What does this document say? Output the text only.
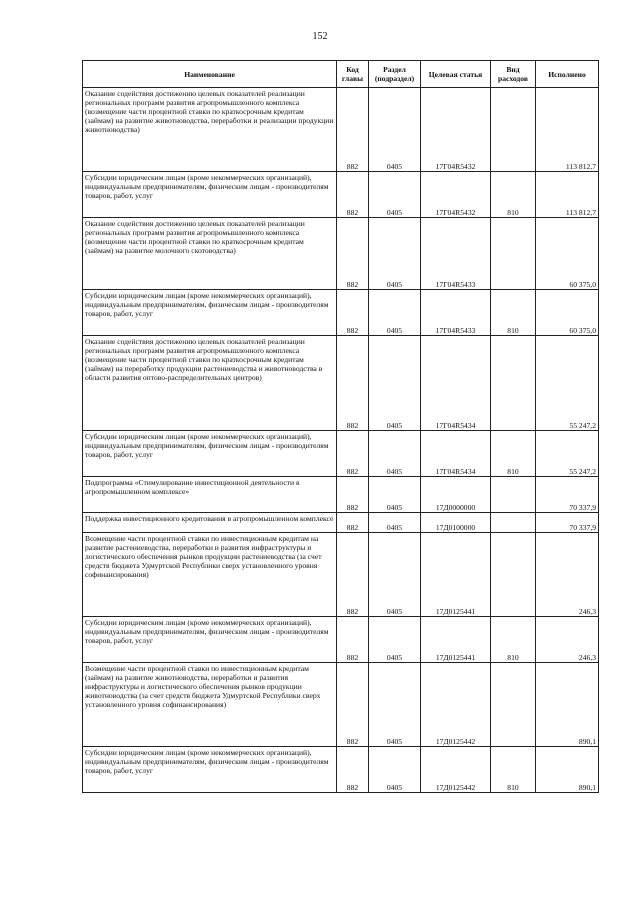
152
Наименование	Код главы	Раздел (подраздел)	Целевая статья	Вид расходов	Исполнено
Оказание содействия достижению целевых показателей реализации региональных программ развития агропромышленного комплекса (возмещение части процентной ставки по краткосрочным кредитам (займам) на развитие животноводства, переработки и реализации продукции животноводства)	882	0405	17Г04R5432		113 812,7
Субсидии юридическим лицам (кроме некоммерческих организаций), индивидуальным предпринимателям, физическим лицам - производителям товаров, работ, услуг	882	0405	17Г04R5432	810	113 812,7
Оказание содействия достижению целевых показателей реализации региональных программ развития агропромышленного комплекса (возмещение части процентной ставки по краткосрочным кредитам (займам) на развитие молочного скотоводства)	882	0405	17Г04R5433		60 375,0
Субсидии юридическим лицам (кроме некоммерческих организаций), индивидуальным предпринимателям, физическим лицам - производителям товаров, работ, услуг	882	0405	17Г04R5433	810	60 375,0
Оказание содействия достижению целевых показателей реализации региональных программ развития агропромышленного комплекса (возмещение части процентной ставки по краткосрочным кредитам (займам) на переработку продукции растениеводства и животноводства в области развития оптово-распределительных центров)	882	0405	17Г04R5434		55 247,2
Субсидии юридическим лицам (кроме некоммерческих организаций), индивидуальным предпринимателям, физическим лицам - производителям товаров, работ, услуг	882	0405	17Г04R5434	810	55 247,2
Подпрограмма «Стимулирование инвестиционной деятельности в агропромышленном комплексе»	882	0405	17Д0000000		70 337,9
Поддержка инвестиционного кредитования в агропромышленном комплексе	882	0405	17Д0100000		70 337,9
Возмещение части процентной ставки по инвестиционным кредитам на развитие растениеводства, переработки и развития инфраструктуры и логистического обеспечения рынков продукции растениеводства (за счет средств бюджета Удмуртской Республики сверх установленного уровня софинансирования)	882	0405	17Д0125441		246,3
Субсидии юридическим лицам (кроме некоммерческих организаций), индивидуальным предпринимателям, физическим лицам - производителям товаров, работ, услуг	882	0405	17Д0125441	810	246,3
Возмещение части процентной ставки по инвестиционным кредитам (займам) на развитие животноводства, переработки и развития инфраструктуры и логистического обеспечения рынков продукции животноводства (за счет средств бюджета Удмуртской Республики сверх установленного уровня софинансирования)	882	0405	17Д0125442		890,1
Субсидии юридическим лицам (кроме некоммерческих организаций), индивидуальным предпринимателям, физическим лицам - производителям товаров, работ, услуг	882	0405	17Д0125442	810	890,1
